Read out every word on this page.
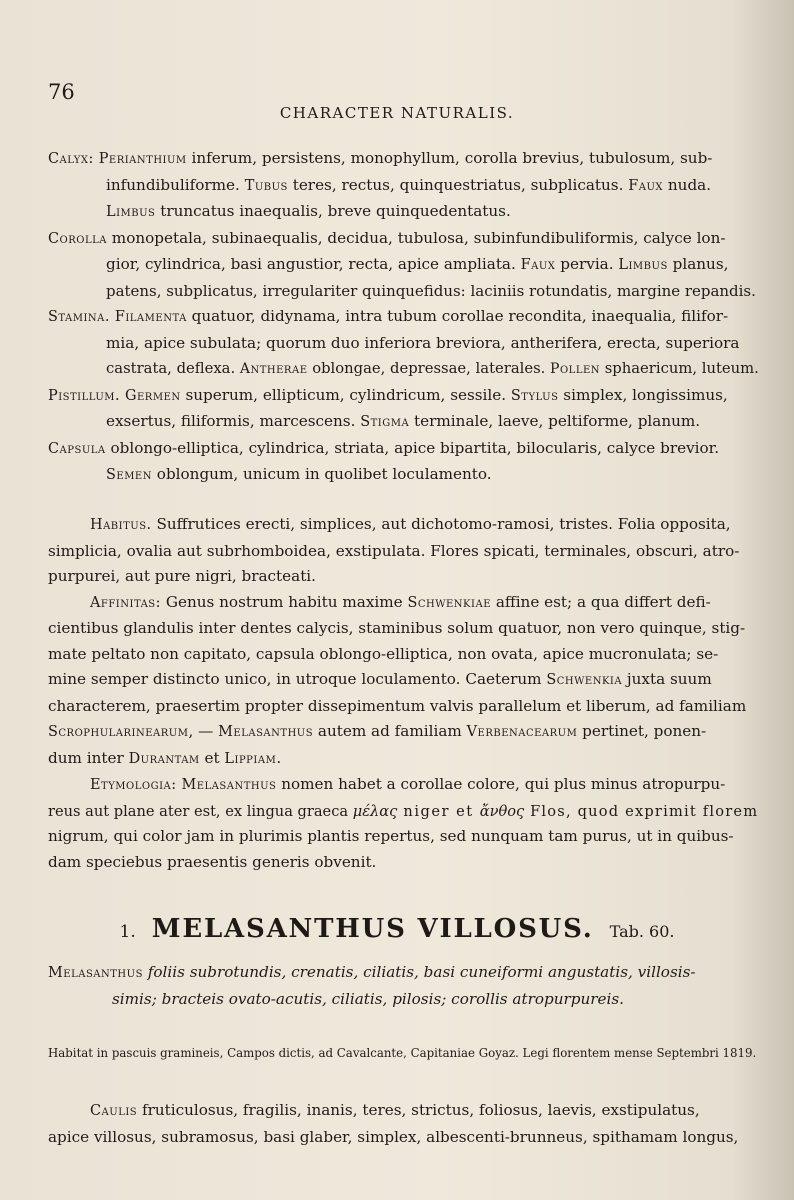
76
CHARACTER NATURALIS.
Calyx: Perianthium inferum, persistens, monophyllum, corolla brevius, tubulosum, sub-
infundibuliforme. Tubus teres, rectus, quinquestriatus, subplicatus. Faux nuda.
Limbus truncatus inaequalis, breve quinquedentatus.
Corolla monopetala, subinaequalis, decidua, tubulosa, subinfundibuliformis, calyce lon-
gior, cylindrica, basi angustior, recta, apice ampliata. Faux pervia. Limbus planus,
patens, subplicatus, irregulariter quinquefidus: laciniis rotundatis, margine repandis.
Stamina. Filamenta quatuor, didynama, intra tubum corollae recondita, inaequalia, filifor-
mia, apice subulata; quorum duo inferiora breviora, antherifera, erecta, superiora
castrata, deflexa. Antherae oblongae, depressae, laterales. Pollen sphaericum, luteum.
Pistillum. Germen superum, ellipticum, cylindricum, sessile. Stylus simplex, longissimus,
exsertus, filiformis, marcescens. Stigma terminale, laeve, peltiforme, planum.
Capsula oblongo-elliptica, cylindrica, striata, apice bipartita, bilocularis, calyce brevior.
Semen oblongum, unicum in quolibet loculamento.
Habitus. Suffrutices erecti, simplices, aut dichotomo-ramosi, tristes. Folia opposita,
simplicia, ovalia aut subrhomboidea, exstipulata. Flores spicati, terminales, obscuri, atro-
purpurei, aut pure nigri, bracteati.
Affinitas: Genus nostrum habitu maxime Schwenkiae affine est; a qua differt defi-
cientibus glandulis inter dentes calycis, staminibus solum quatuor, non vero quinque, stig-
mate peltato non capitato, capsula oblongo-elliptica, non ovata, apice mucronulata; se-
mine semper distincto unico, in utroque loculamento. Caeterum Schwenkia juxta suum
characterem, praesertim propter dissepimentum valvis parallelum et liberum, ad familiam
Scrophularinearum, — Melasanthus autem ad familiam Verbenacearum pertinet, ponen-
dum inter Durantam et Lippiam.
Etymologia: Melasanthus nomen habet a corollae colore, qui plus minus atropurpu-
reus aut plane ater est, ex lingua graeca μέλας niger et ἄνθος Flos, quod exprimit florem
nigrum, qui color jam in plurimis plantis repertus, sed nunquam tam purus, ut in quibus-
dam speciebus praesentis generis obvenit.
1. MELASANTHUS VILLOSUS. Tab. 60.
Melasanthus foliis subrotundis, crenatis, ciliatis, basi cuneiformi angustatis, villosis-
simis; bracteis ovato-acutis, ciliatis, pilosis; corollis atropurpureis.
Habitat in pascuis gramineis, Campos dictis, ad Cavalcante, Capitaniae Goyaz. Legi florentem mense Septembri 1819.
Caulis fruticulosus, fragilis, inanis, teres, strictus, foliosus, laevis, exstipulatus,
apice villosus, subramosus, basi glaber, simplex, albescenti-brunneus, spithamam longus,
